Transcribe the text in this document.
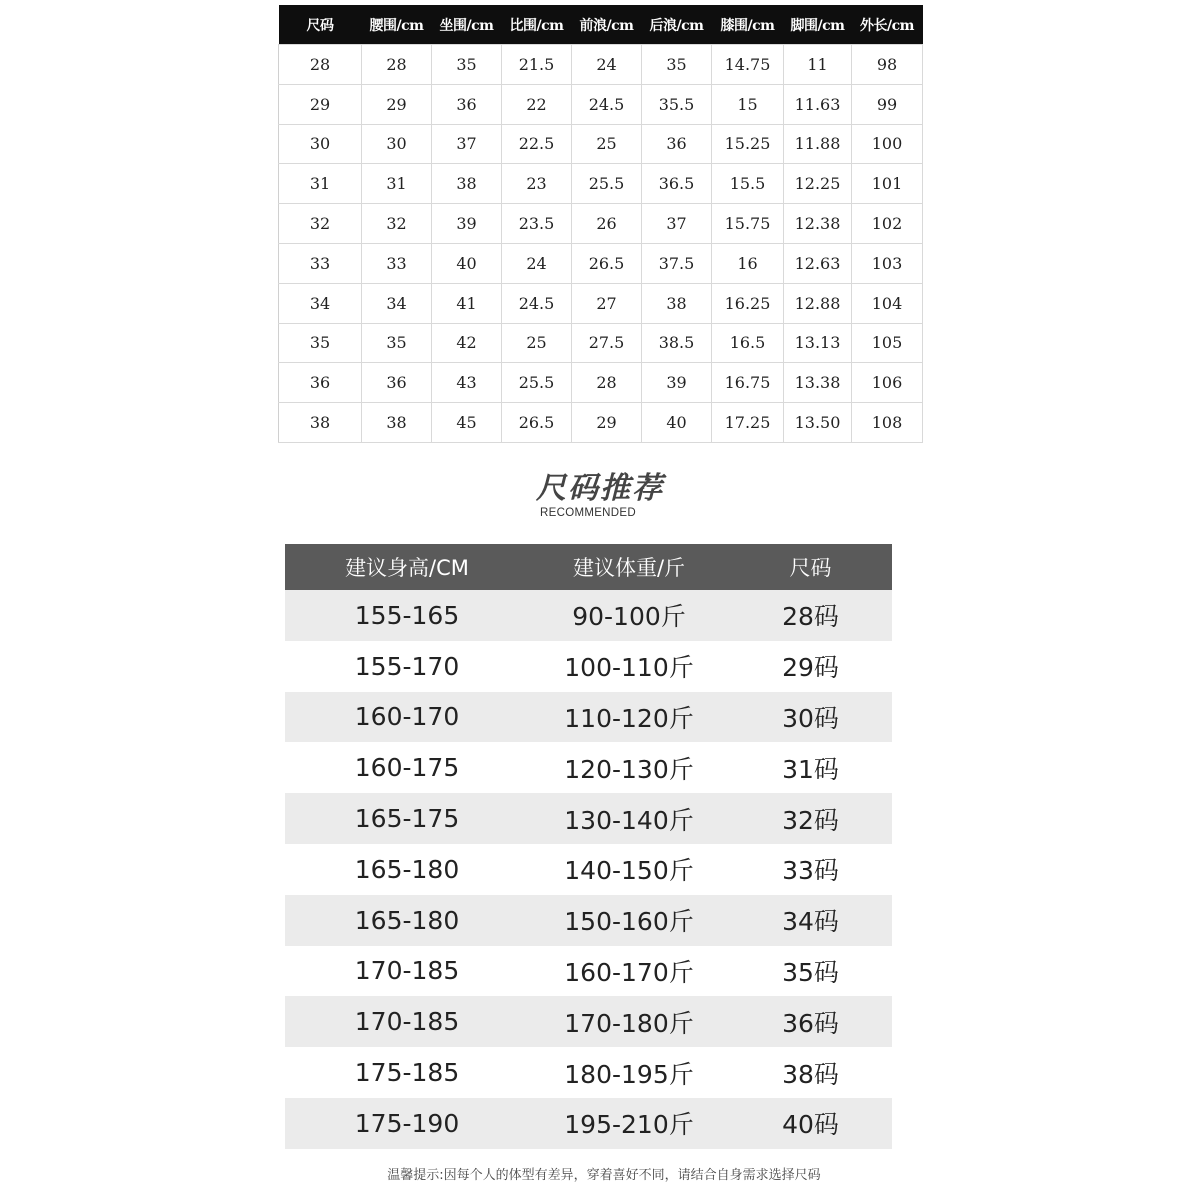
尺码	腰围/cm	坐围/cm	比围/cm	前浪/cm	后浪/cm	膝围/cm	脚围/cm	外长/cm
28	28	35	21.5	24	35	14.75	11	98
29	29	36	22	24.5	35.5	15	11.63	99
30	30	37	22.5	25	36	15.25	11.88	100
31	31	38	23	25.5	36.5	15.5	12.25	101
32	32	39	23.5	26	37	15.75	12.38	102
33	33	40	24	26.5	37.5	16	12.63	103
34	34	41	24.5	27	38	16.25	12.88	104
35	35	42	25	27.5	38.5	16.5	13.13	105
36	36	43	25.5	28	39	16.75	13.38	106
38	38	45	26.5	29	40	17.25	13.50	108
尺码推荐
RECOMMENDED
建议身高/CM	建议体重/斤	尺码
155-165	90-100斤	28码
155-170	100-110斤	29码
160-170	110-120斤	30码
160-175	120-130斤	31码
165-175	130-140斤	32码
165-180	140-150斤	33码
165-180	150-160斤	34码
170-185	160-170斤	35码
170-185	170-180斤	36码
175-185	180-195斤	38码
175-190	195-210斤	40码
温馨提示:因每个人的体型有差异，穿着喜好不同，请结合自身需求选择尺码
